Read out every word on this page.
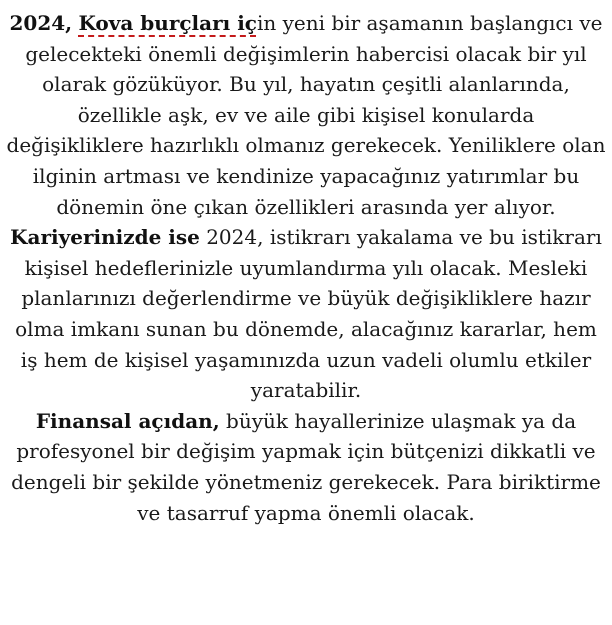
2024, Kova burçları için yeni bir aşamanın başlangıcı ve gelecekteki önemli değişimlerin habercisi olacak bir yıl olarak gözüküyor. Bu yıl, hayatın çeşitli alanlarında, özellikle aşk, ev ve aile gibi kişisel konularda değişikliklere hazırlıklı olmanız gerekecek. Yeniliklere olan ilginin artması ve kendinize yapacağınız yatırımlar bu dönemin öne çıkan özellikleri arasında yer alıyor.

Kariyerinizde ise 2024, istikrarı yakalama ve bu istikrarı kişisel hedeflerinizle uyumlandırma yılı olacak. Mesleki planlarınızı değerlendirme ve büyük değişikliklere hazır olma imkanı sunan bu dönemde, alacağınız kararlar, hem iş hem de kişisel yaşamınızda uzun vadeli olumlu etkiler yaratabilir.

Finansal açıdan, büyük hayallerinize ulaşmak ya da profesyonel bir değişim yapmak için bütçenizi dikkatli ve dengeli bir şekilde yönetmeniz gerekecek. Para biriktirme ve tasarruf yapma önemli olacak.
